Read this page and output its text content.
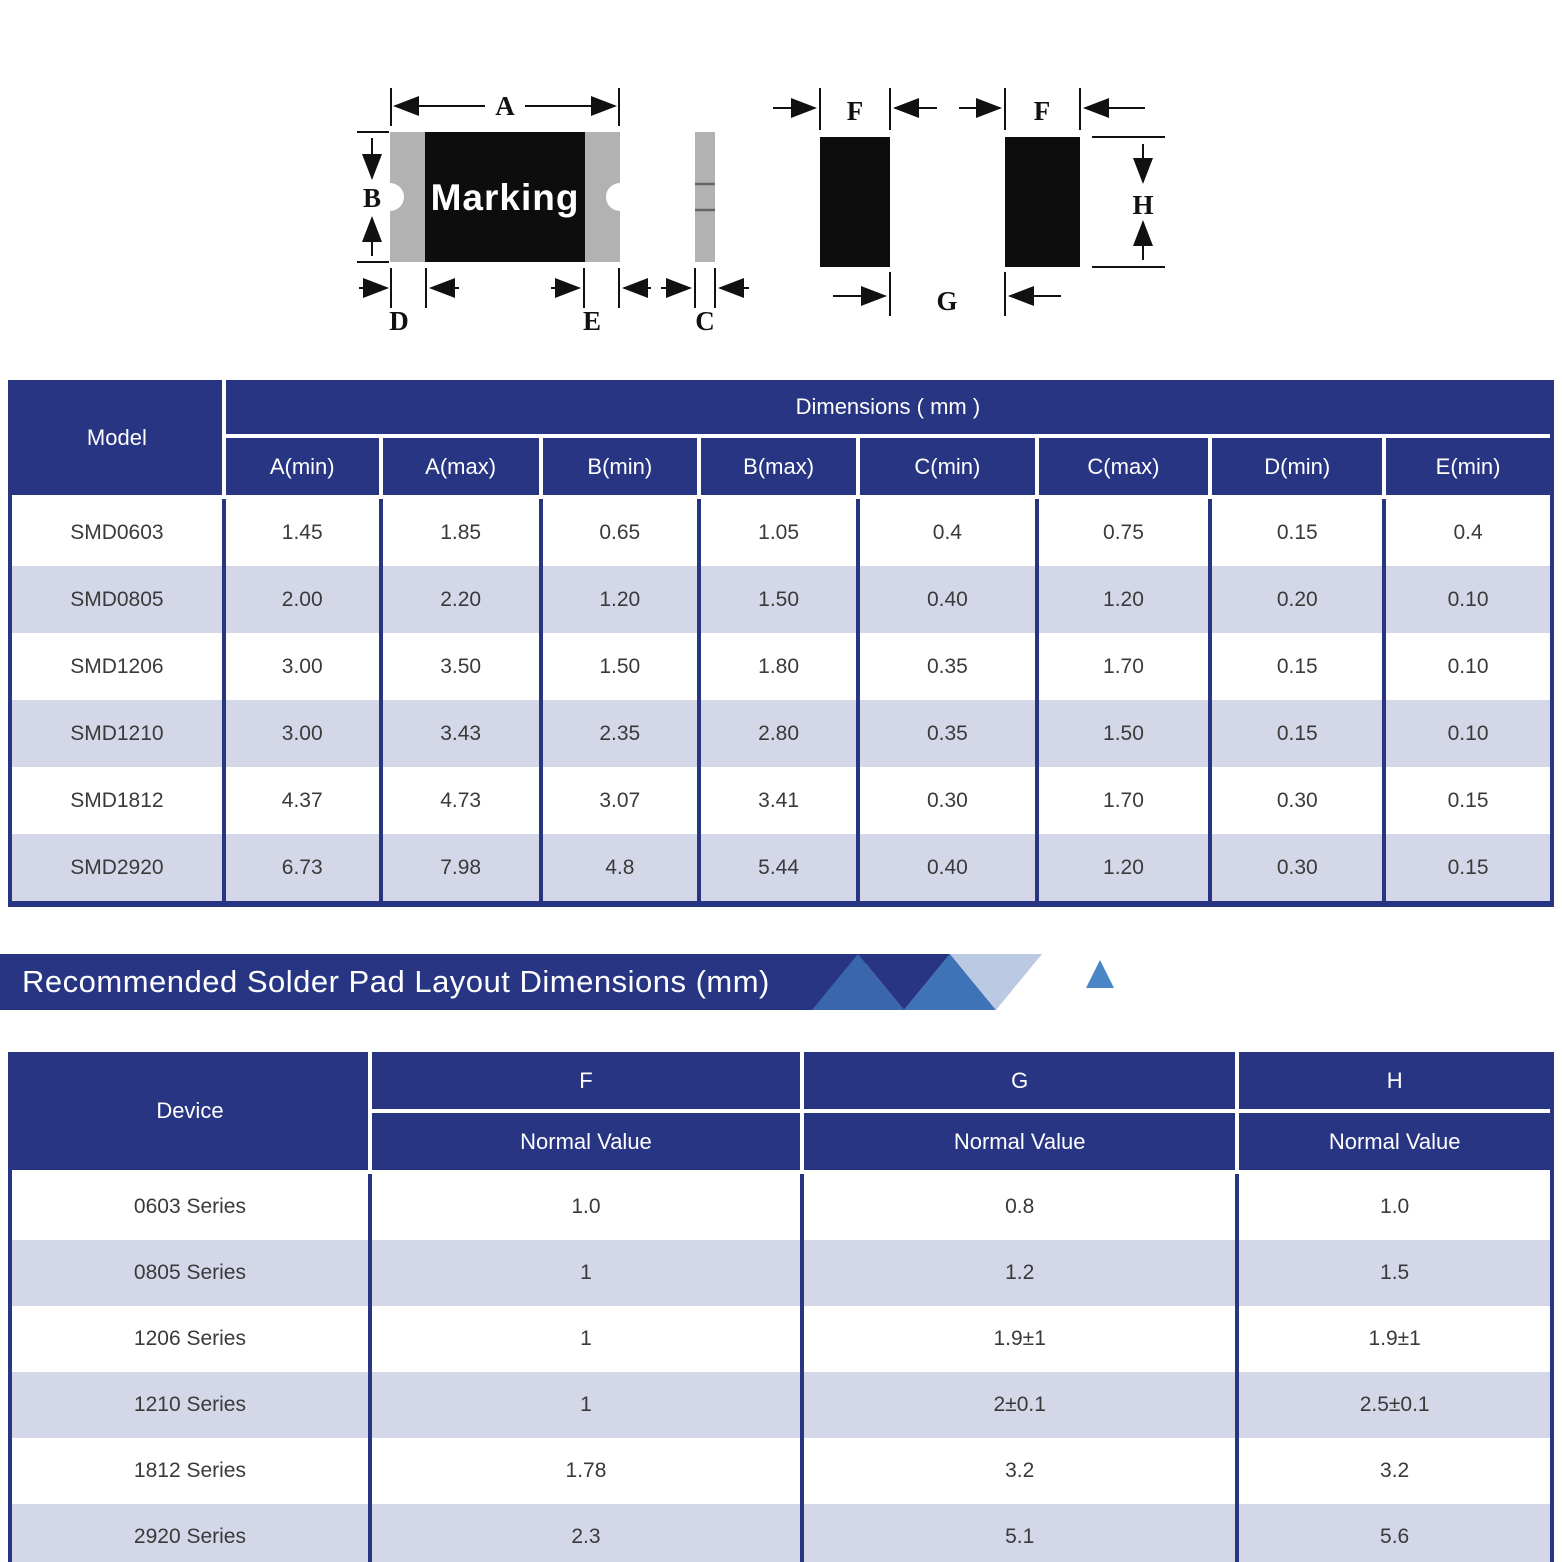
Marking
A
B
D	E	C
F	F
G
H
Model	Dimensions ( mm )							
	A(min)	A(max)	B(min)	B(max)	C(min)	C(max)	D(min)	E(min)
SMD0603	1.45	1.85	0.65	1.05	0.4	0.75	0.15	0.4
SMD0805	2.00	2.20	1.20	1.50	0.40	1.20	0.20	0.10
SMD1206	3.00	3.50	1.50	1.80	0.35	1.70	0.15	0.10
SMD1210	3.00	3.43	2.35	2.80	0.35	1.50	0.15	0.10
SMD1812	4.37	4.73	3.07	3.41	0.30	1.70	0.30	0.15
SMD2920	6.73	7.98	4.8	5.44	0.40	1.20	0.30	0.15
Recommended Solder Pad Layout Dimensions (mm)
Device	F	G	H
	Normal Value	Normal Value	Normal Value
0603 Series	1.0	0.8	1.0
0805 Series	1	1.2	1.5
1206 Series	1	1.9±1	1.9±1
1210 Series	1	2±0.1	2.5±0.1
1812 Series	1.78	3.2	3.2
2920 Series	2.3	5.1	5.6
